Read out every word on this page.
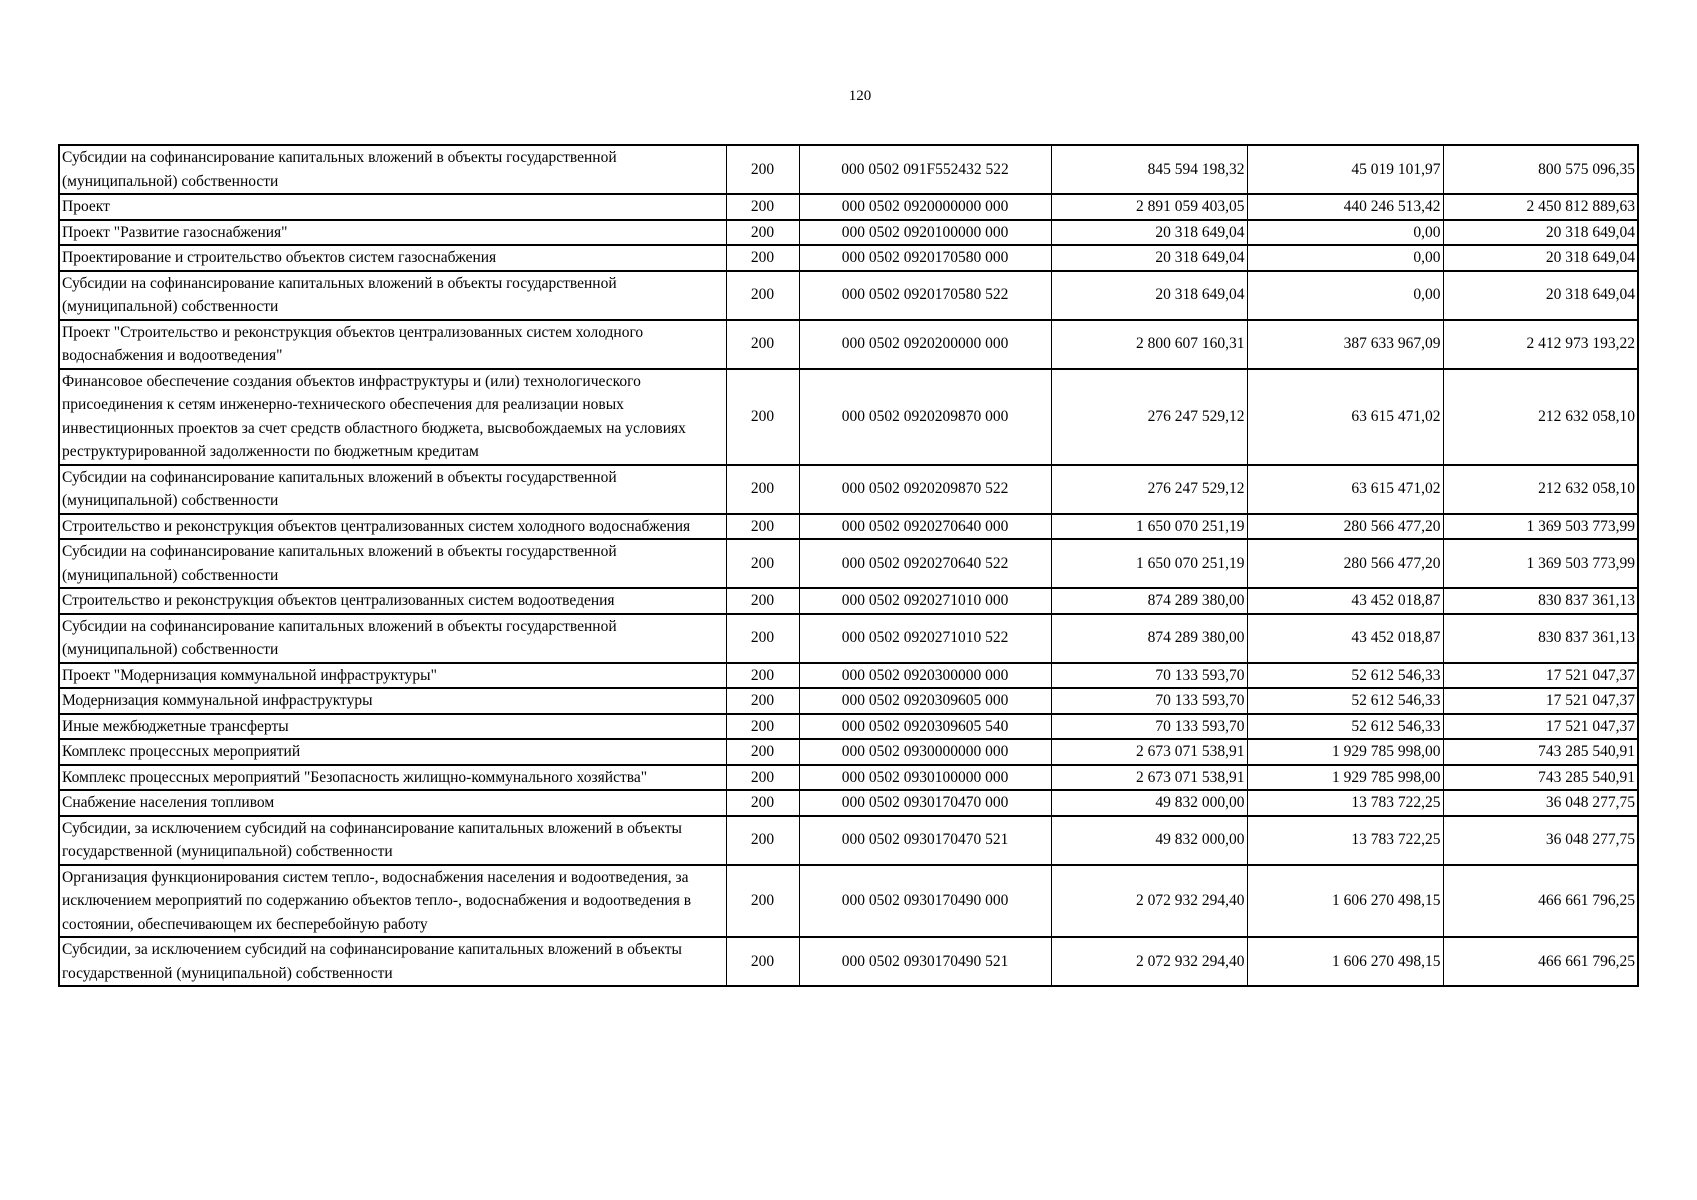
120
Субсидии на софинансирование капитальных вложений в объекты государственной (муниципальной) собственности	200	000 0502 091F552432 522	845 594 198,32	45 019 101,97	800 575 096,35
Проект	200	000 0502 0920000000 000	2 891 059 403,05	440 246 513,42	2 450 812 889,63
Проект "Развитие газоснабжения"	200	000 0502 0920100000 000	20 318 649,04	0,00	20 318 649,04
Проектирование и строительство объектов систем газоснабжения	200	000 0502 0920170580 000	20 318 649,04	0,00	20 318 649,04
Субсидии на софинансирование капитальных вложений в объекты государственной (муниципальной) собственности	200	000 0502 0920170580 522	20 318 649,04	0,00	20 318 649,04
Проект "Строительство и реконструкция объектов централизованных систем холодного водоснабжения и водоотведения"	200	000 0502 0920200000 000	2 800 607 160,31	387 633 967,09	2 412 973 193,22
Финансовое обеспечение создания объектов инфраструктуры и (или) технологического присоединения к сетям инженерно-технического обеспечения для реализации новых инвестиционных проектов за счет средств областного бюджета, высвобождаемых на условиях реструктурированной задолженности по бюджетным кредитам	200	000 0502 0920209870 000	276 247 529,12	63 615 471,02	212 632 058,10
Субсидии на софинансирование капитальных вложений в объекты государственной (муниципальной) собственности	200	000 0502 0920209870 522	276 247 529,12	63 615 471,02	212 632 058,10
Строительство и реконструкция объектов централизованных систем холодного водоснабжения	200	000 0502 0920270640 000	1 650 070 251,19	280 566 477,20	1 369 503 773,99
Субсидии на софинансирование капитальных вложений в объекты государственной (муниципальной) собственности	200	000 0502 0920270640 522	1 650 070 251,19	280 566 477,20	1 369 503 773,99
Строительство и реконструкция объектов централизованных систем водоотведения	200	000 0502 0920271010 000	874 289 380,00	43 452 018,87	830 837 361,13
Субсидии на софинансирование капитальных вложений в объекты государственной (муниципальной) собственности	200	000 0502 0920271010 522	874 289 380,00	43 452 018,87	830 837 361,13
Проект "Модернизация коммунальной инфраструктуры"	200	000 0502 0920300000 000	70 133 593,70	52 612 546,33	17 521 047,37
Модернизация коммунальной инфраструктуры	200	000 0502 0920309605 000	70 133 593,70	52 612 546,33	17 521 047,37
Иные межбюджетные трансферты	200	000 0502 0920309605 540	70 133 593,70	52 612 546,33	17 521 047,37
Комплекс процессных мероприятий	200	000 0502 0930000000 000	2 673 071 538,91	1 929 785 998,00	743 285 540,91
Комплекс процессных мероприятий "Безопасность жилищно-коммунального хозяйства"	200	000 0502 0930100000 000	2 673 071 538,91	1 929 785 998,00	743 285 540,91
Снабжение населения топливом	200	000 0502 0930170470 000	49 832 000,00	13 783 722,25	36 048 277,75
Субсидии, за исключением субсидий на софинансирование капитальных вложений в объекты государственной (муниципальной) собственности	200	000 0502 0930170470 521	49 832 000,00	13 783 722,25	36 048 277,75
Организация функционирования систем тепло-, водоснабжения населения и водоотведения, за исключением мероприятий по содержанию объектов тепло-, водоснабжения и водоотведения в состоянии, обеспечивающем их бесперебойную работу	200	000 0502 0930170490 000	2 072 932 294,40	1 606 270 498,15	466 661 796,25
Субсидии, за исключением субсидий на софинансирование капитальных вложений в объекты государственной (муниципальной) собственности	200	000 0502 0930170490 521	2 072 932 294,40	1 606 270 498,15	466 661 796,25
